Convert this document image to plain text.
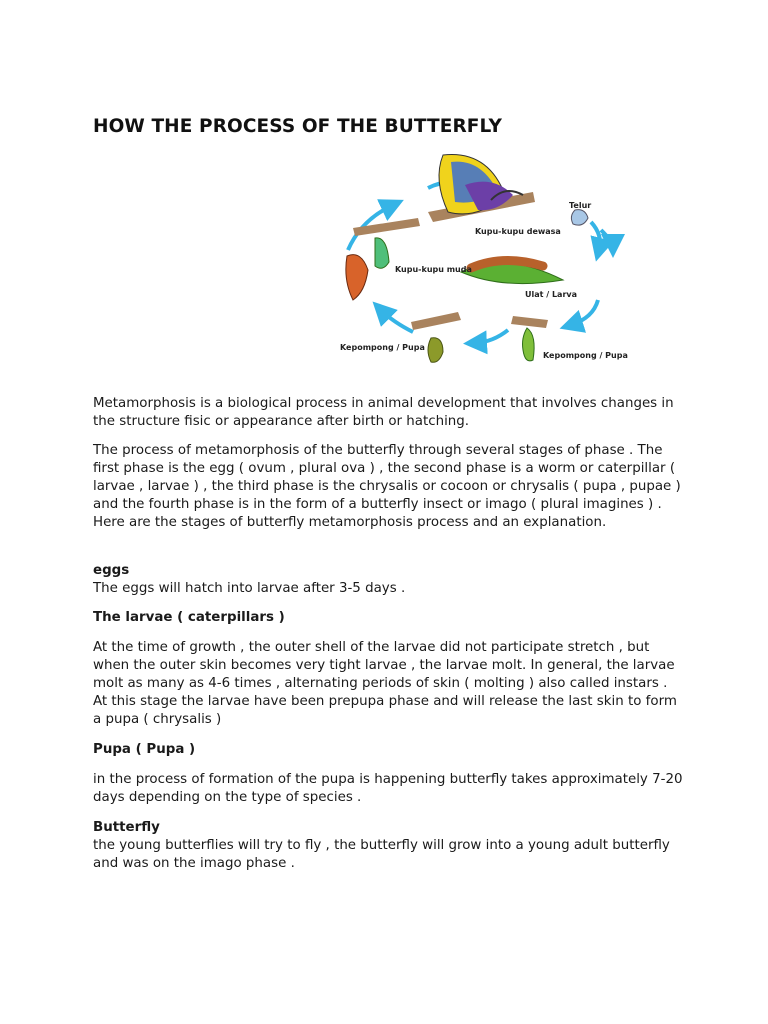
HOW THE PROCESS OF THE BUTTERFLY
Kupu-kupu dewasa
Telur
Ulat / Larva
Kepompong / Pupa
Kepompong / Pupa
Kupu-kupu muda

Metamorphosis is a biological process in animal development that involves changes in the structure fisic or appearance after birth or hatching.

The process of metamorphosis of the butterfly through several stages of phase . The first phase is the egg ( ovum , plural ova ) , the second phase is a worm or caterpillar ( larvae , larvae ) , the third phase is the chrysalis or cocoon or chrysalis ( pupa , pupae ) and the fourth phase is in the form of a butterfly insect or imago ( plural imagines ) . Here are the stages of butterfly metamorphosis process and an explanation.

eggs

The eggs will hatch into larvae after 3-5 days .

The larvae ( caterpillars )

At the time of growth , the outer shell of the larvae did not participate stretch , but when the outer skin becomes very tight larvae , the larvae molt. In general, the larvae molt as many as 4-6 times , alternating periods of skin ( molting ) also called instars . At this stage the larvae have been prepupa phase and will release the last skin to form a pupa ( chrysalis )

Pupa ( Pupa )

in the process of formation of the pupa is happening butterfly takes approximately 7-20 days depending on the type of species .

Butterfly

the young butterflies will try to fly , the butterfly will grow into a young adult butterfly and was on the imago phase .
